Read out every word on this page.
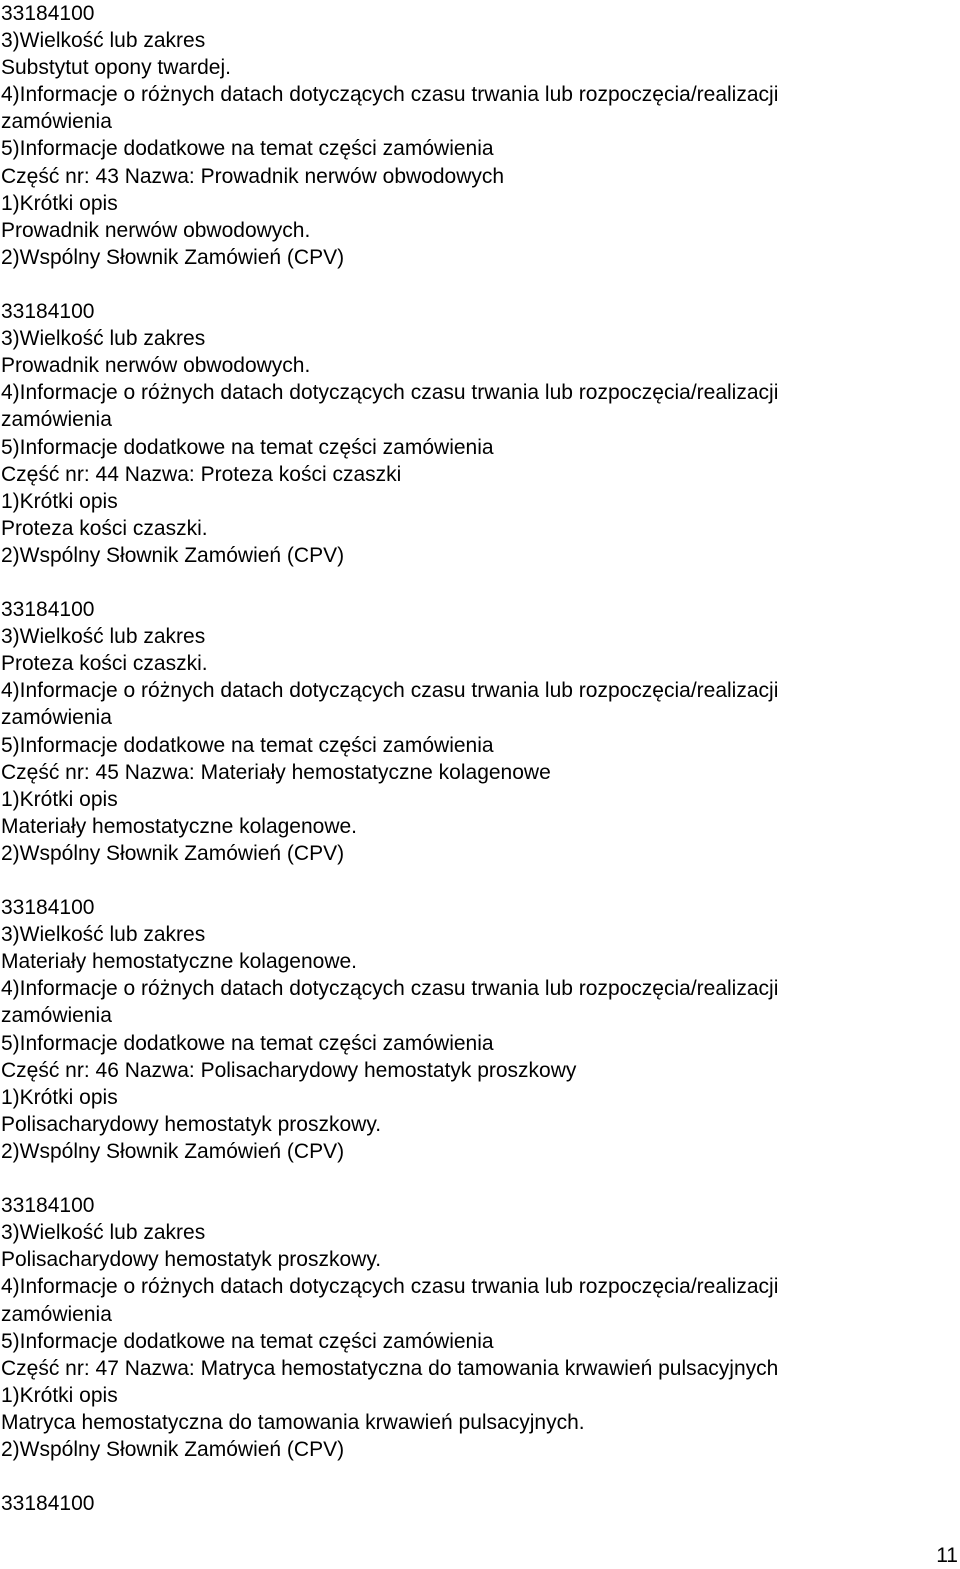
33184100
3)Wielkość lub zakres
Substytut opony twardej.
4)Informacje o różnych datach dotyczących czasu trwania lub rozpoczęcia/realizacji
zamówienia
5)Informacje dodatkowe na temat części zamówienia
Część nr: 43 Nazwa: Prowadnik nerwów obwodowych
1)Krótki opis
Prowadnik nerwów obwodowych.
2)Wspólny Słownik Zamówień (CPV)
33184100
3)Wielkość lub zakres
Prowadnik nerwów obwodowych.
4)Informacje o różnych datach dotyczących czasu trwania lub rozpoczęcia/realizacji
zamówienia
5)Informacje dodatkowe na temat części zamówienia
Część nr: 44 Nazwa: Proteza kości czaszki
1)Krótki opis
Proteza kości czaszki.
2)Wspólny Słownik Zamówień (CPV)
33184100
3)Wielkość lub zakres
Proteza kości czaszki.
4)Informacje o różnych datach dotyczących czasu trwania lub rozpoczęcia/realizacji
zamówienia
5)Informacje dodatkowe na temat części zamówienia
Część nr: 45 Nazwa: Materiały hemostatyczne kolagenowe
1)Krótki opis
Materiały hemostatyczne kolagenowe.
2)Wspólny Słownik Zamówień (CPV)
33184100
3)Wielkość lub zakres
Materiały hemostatyczne kolagenowe.
4)Informacje o różnych datach dotyczących czasu trwania lub rozpoczęcia/realizacji
zamówienia
5)Informacje dodatkowe na temat części zamówienia
Część nr: 46 Nazwa: Polisacharydowy hemostatyk proszkowy
1)Krótki opis
Polisacharydowy hemostatyk proszkowy.
2)Wspólny Słownik Zamówień (CPV)
33184100
3)Wielkość lub zakres
Polisacharydowy hemostatyk proszkowy.
4)Informacje o różnych datach dotyczących czasu trwania lub rozpoczęcia/realizacji
zamówienia
5)Informacje dodatkowe na temat części zamówienia
Część nr: 47 Nazwa: Matryca hemostatyczna do tamowania krwawień pulsacyjnych
1)Krótki opis
Matryca hemostatyczna do tamowania krwawień pulsacyjnych.
2)Wspólny Słownik Zamówień (CPV)
33184100
11
